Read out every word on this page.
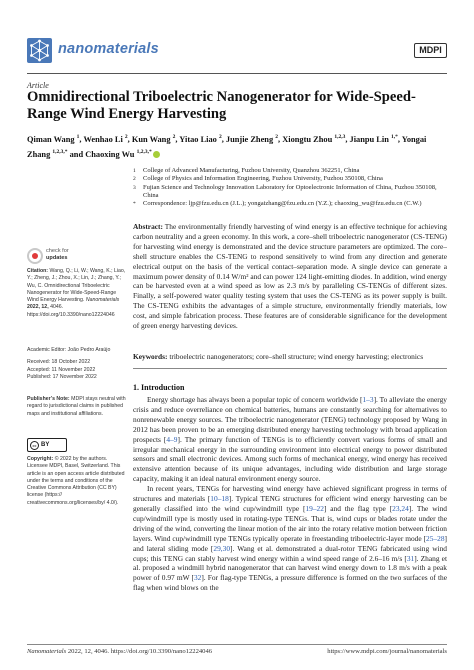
nanomaterials	MDPI
Article
Omnidirectional Triboelectric Nanogenerator for Wide-Speed-Range Wind Energy Harvesting
Qiman Wang $^1$, Wenhao Li $^2$, Kun Wang $^2$, Yitao Liao $^2$, Junjie Zheng $^2$, Xiongtu Zhou $^{1,2,3}$, Jianpu Lin $^{1,*}$, Yongai Zhang $^{1,2,3,*}$ and Chaoxing Wu $^{1,2,3,*}$
1 College of Advanced Manufacturing, Fuzhou University, Quanzhou 362251, China
2 College of Physics and Information Engineering, Fuzhou University, Fuzhou 350108, China
3 Fujian Science and Technology Innovation Laboratory for Optoelectronic Information of China, Fuzhou 350108, China
* Correspondence: ljp@fzu.edu.cn (J.L.); yongaizhang@fzu.edu.cn (Y.Z.); chaoxing_wu@fzu.edu.cn (C.W.)
Abstract: The environmentally friendly harvesting of wind energy is an effective technique for achieving carbon neutrality and a green economy. In this work, a core–shell triboelectric nanogenerator (CS-TENG) for harvesting wind energy is demonstrated and the device structure parameters are optimized. The core–shell structure enables the CS-TENG to respond sensitively to wind from any direction and generate electrical output on the basis of the vertical contact–separation mode. A single device can generate a maximum power density of 0.14 W/m² and can power 124 light-emitting diodes. In addition, wind energy can be harvested even at a wind speed as low as 2.3 m/s by paralleling CS-TENGs of different sizes. Finally, a self-powered water quality testing system that uses the CS-TENG as its power supply is built. The CS-TENG exhibits the advantages of a simple structure, environmentally friendly materials, low cost, and simple fabrication process. These features are of considerable significance for the development of green energy harvesting devices.
Keywords: triboelectric nanogenerators; core–shell structure; wind energy harvesting; electronics
1. Introduction

Energy shortage has always been a popular topic of concern worldwide [1–3]. To alleviate the energy crisis and reduce overreliance on chemical batteries, humans are constantly searching for alternatives to nonrenewable energy sources. The triboelectric nanogenerator (TENG) technology proposed by Wang in 2012 has been proven to be an emerging distributed energy harvesting technology with broad application prospects [4–9]. The primary function of TENGs is to efficiently convert various forms of small and irregular mechanical energy in the surrounding environment into electrical energy to power distributed sensors and small electronic devices. Among such forms of mechanical energy, wind energy has received extensive attention because of its unique advantages, including wide distribution and large storage capacity, making it an ideal natural environment energy source.

In recent years, TENGs for harvesting wind energy have achieved significant progress in terms of structures and materials [10–18]. Typical TENG structures for efficient wind energy harvesting can be generally classified into the wind cup/windmill type [19–22] and the flag type [23,24]. The wind cup/windmill type is mostly used in rotating-type TENGs. That is, wind cups or blades rotate under the driving of the wind, converting the linear motion of the air into the rotary relative motion between friction layers. Wind cup/windmill type TENGs typically operate in freestanding triboelectric-layer mode [25–28] and lateral sliding mode [29,30]. Wang et al. demonstrated a dual-rotor TENG fabricated using wind cups; this TENG can stably harvest wind energy within a wind speed range of 2.6–16 m/s [31]. Zhang et al. proposed a windmill hybrid nanogenerator that can harvest wind energy down to 1.8 m/s with a peak power of 0.97 mW [32]. For flag-type TENGs, a pressure difference is formed on the two surfaces of the flag when wind blows on the

check for
updates
Citation: Wang, Q.; Li, W.; Wang, K.; Liao, Y.; Zheng, J.; Zhou, X.; Lin, J.; Zhang, Y.; Wu, C. Omnidirectional Triboelectric Nanogenerator for Wide-Speed-Range Wind Energy Harvesting. Nanomaterials 2022, 12, 4046. https://doi.org/10.3390/nano12224046
Academic Editor: João Pedro Araújo
Received: 18 October 2022
Accepted: 11 November 2022
Published: 17 November 2022
Publisher’s Note: MDPI stays neutral with regard to jurisdictional claims in published maps and institutional affiliations.
cc BY
Copyright: © 2022 by the authors. Licensee MDPI, Basel, Switzerland. This article is an open access article distributed under the terms and conditions of the Creative Commons Attribution (CC BY) license (https:// creativecommons.org/licenses/by/ 4.0/).
Nanomaterials 2022, 12, 4046. https://doi.org/10.3390/nano12224046	https://www.mdpi.com/journal/nanomaterials
